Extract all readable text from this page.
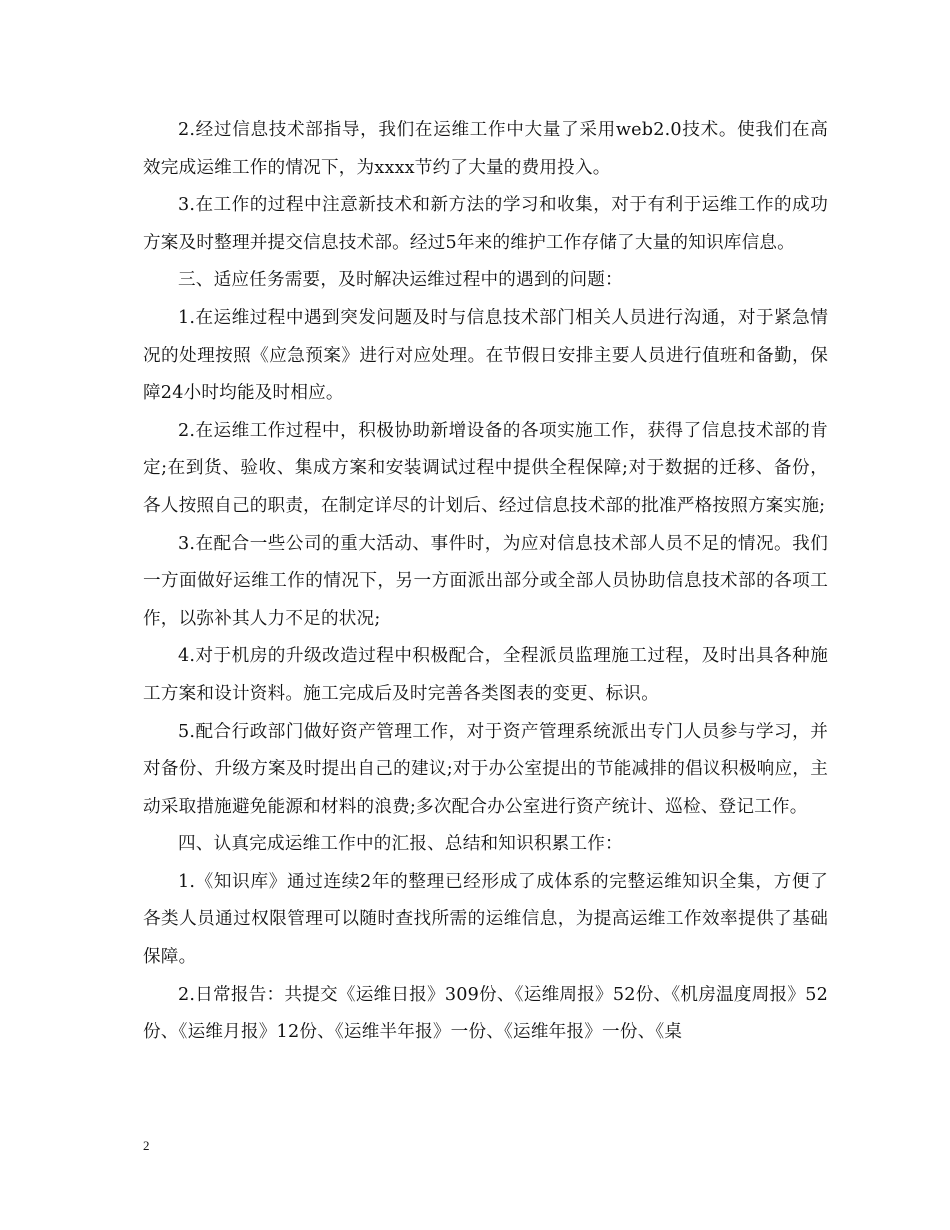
2.经过信息技术部指导，我们在运维工作中大量了采用web2.0技术。使我们在高效完成运维工作的情况下，为xxxx节约了大量的费用投入。

3.在工作的过程中注意新技术和新方法的学习和收集，对于有利于运维工作的成功方案及时整理并提交信息技术部。经过5年来的维护工作存储了大量的知识库信息。

三、适应任务需要，及时解决运维过程中的遇到的问题：

1.在运维过程中遇到突发问题及时与信息技术部门相关人员进行沟通，对于紧急情况的处理按照《应急预案》进行对应处理。在节假日安排主要人员进行值班和备勤，保障24小时均能及时相应。

2.在运维工作过程中，积极协助新增设备的各项实施工作，获得了信息技术部的肯定;在到货、验收、集成方案和安装调试过程中提供全程保障;对于数据的迁移、备份，各人按照自己的职责，在制定详尽的计划后、经过信息技术部的批准严格按照方案实施;

3.在配合一些公司的重大活动、事件时，为应对信息技术部人员不足的情况。我们一方面做好运维工作的情况下，另一方面派出部分或全部人员协助信息技术部的各项工作，以弥补其人力不足的状况;

4.对于机房的升级改造过程中积极配合，全程派员监理施工过程，及时出具各种施工方案和设计资料。施工完成后及时完善各类图表的变更、标识。

5.配合行政部门做好资产管理工作，对于资产管理系统派出专门人员参与学习，并对备份、升级方案及时提出自己的建议;对于办公室提出的节能减排的倡议积极响应，主动采取措施避免能源和材料的浪费;多次配合办公室进行资产统计、巡检、登记工作。

四、认真完成运维工作中的汇报、总结和知识积累工作：

1.《知识库》通过连续2年的整理已经形成了成体系的完整运维知识全集，方便了各类人员通过权限管理可以随时查找所需的运维信息，为提高运维工作效率提供了基础保障。

2.日常报告：共提交《运维日报》309份、《运维周报》52份、《机房温度周报》52份、《运维月报》12份、《运维半年报》一份、《运维年报》一份、《桌

2
